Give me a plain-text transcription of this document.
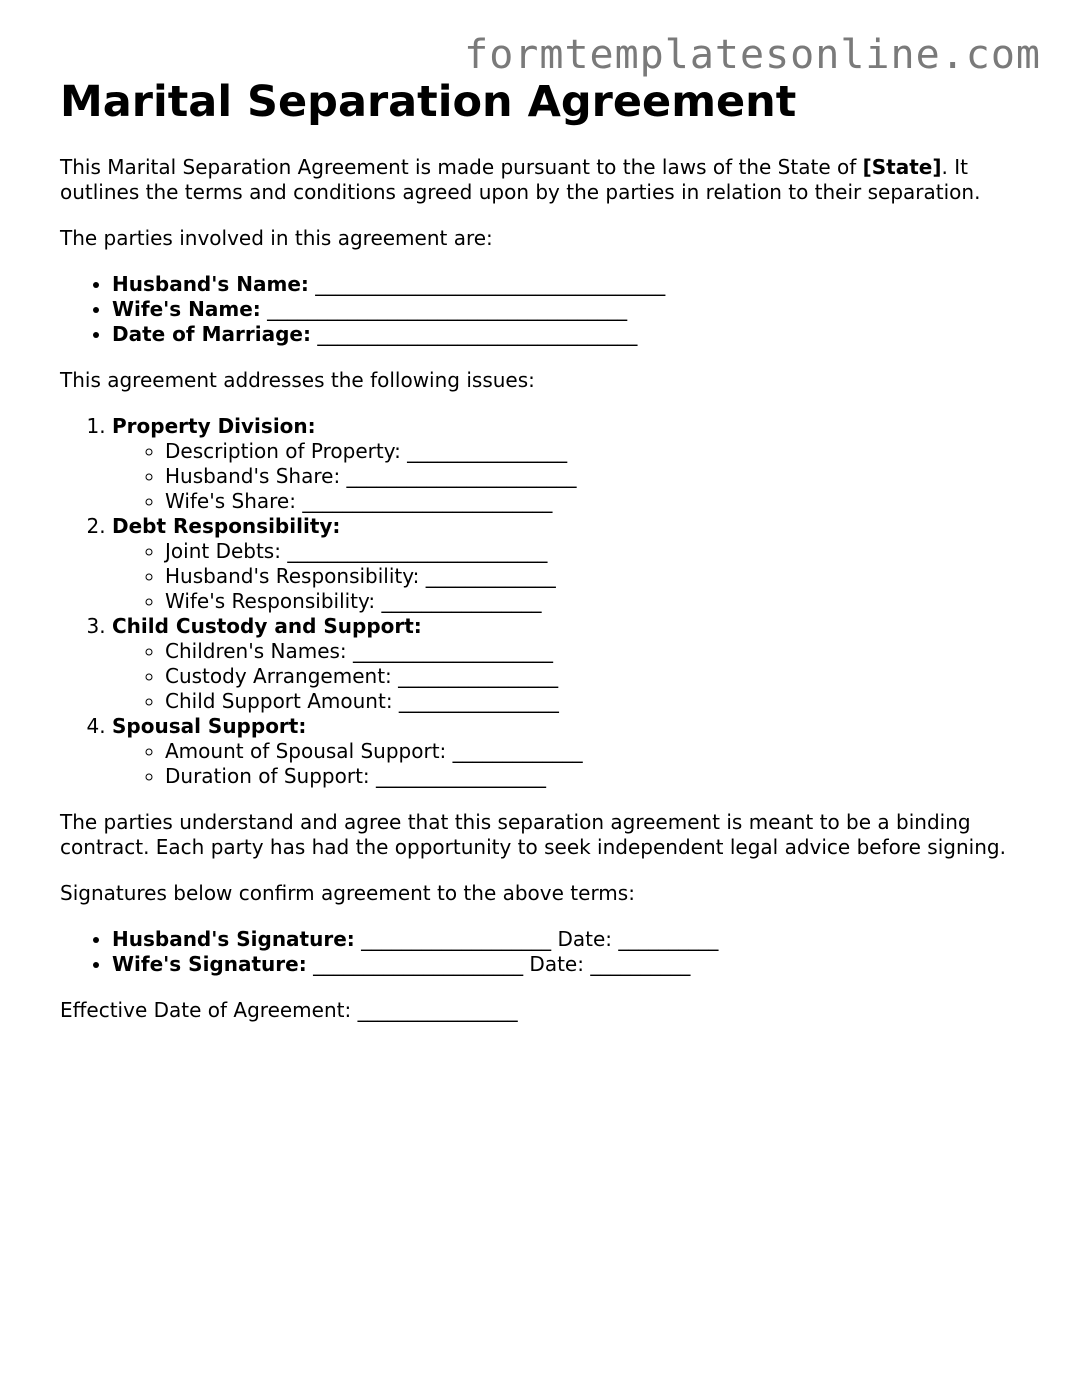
formtemplatesonline.com
Marital Separation Agreement

This Marital Separation Agreement is made pursuant to the laws of the State of [State]. It outlines the terms and conditions agreed upon by the parties in relation to their separation.

The parties involved in this agreement are:

• Husband's Name: ___________________________________
• Wife's Name: ____________________________________
• Date of Marriage: ________________________________

This agreement addresses the following issues:

1. Property Division:
◦ Description of Property: ________________
◦ Husband's Share: _______________________
◦ Wife's Share: _________________________
2. Debt Responsibility:
◦ Joint Debts: __________________________
◦ Husband's Responsibility: _____________
◦ Wife's Responsibility: ________________
3. Child Custody and Support:
◦ Children's Names: ____________________
◦ Custody Arrangement: ________________
◦ Child Support Amount: ________________
4. Spousal Support:
◦ Amount of Spousal Support: _____________
◦ Duration of Support: _________________

The parties understand and agree that this separation agreement is meant to be a binding contract. Each party has had the opportunity to seek independent legal advice before signing.

Signatures below confirm agreement to the above terms:

• Husband's Signature: ___________________ Date: __________
• Wife's Signature: _____________________ Date: __________

Effective Date of Agreement: ________________
